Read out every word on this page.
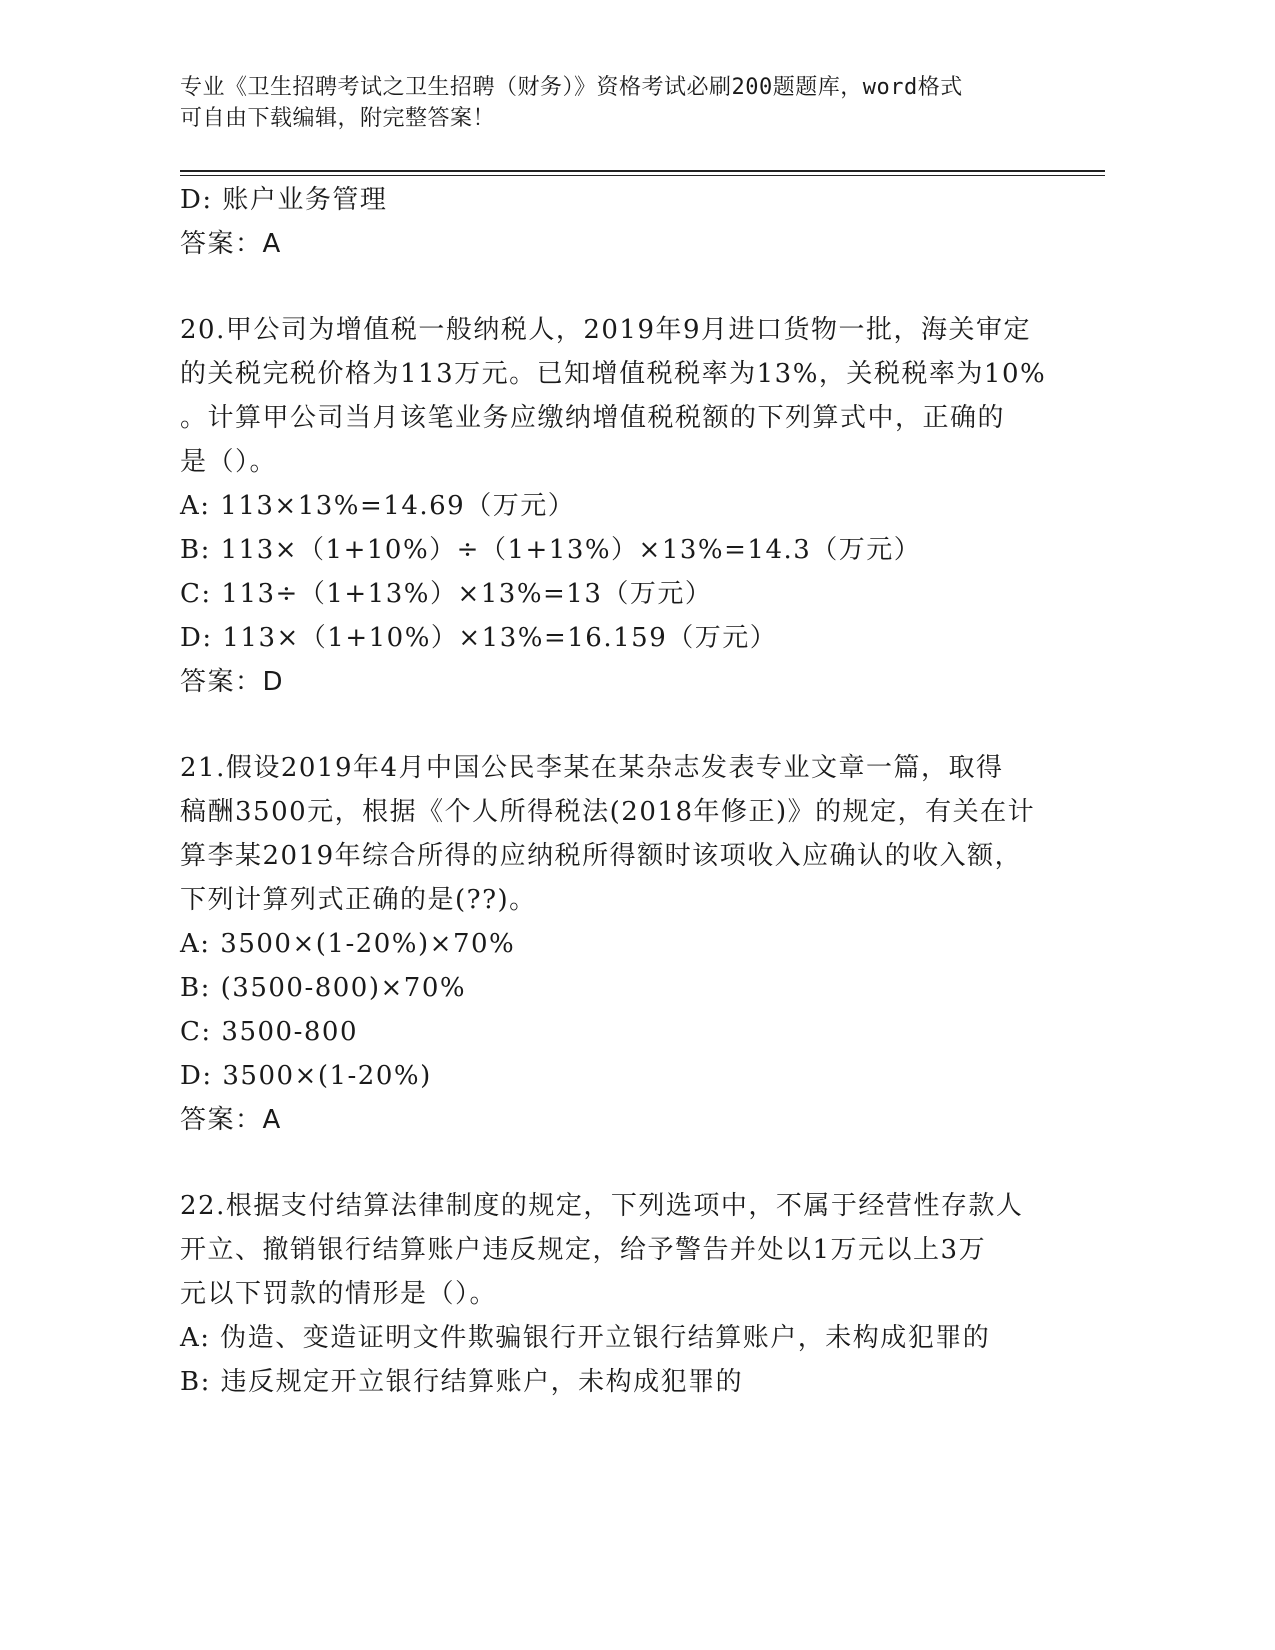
专业《卫生招聘考试之卫生招聘（财务）》资格考试必刷200题题库，word格式
可自由下载编辑，附完整答案！
D: 账户业务管理
答案：A
20.甲公司为增值税一般纳税人，2019年9月进口货物一批，海关审定
的关税完税价格为113万元。已知增值税税率为13%，关税税率为10%
。计算甲公司当月该笔业务应缴纳增值税税额的下列算式中，正确的
是（）。
A: 113×13%=14.69（万元）
B: 113×（1+10%）÷（1+13%）×13%=14.3（万元）
C: 113÷（1+13%）×13%=13（万元）
D: 113×（1+10%）×13%=16.159（万元）
答案：D
21.假设2019年4月中国公民李某在某杂志发表专业文章一篇，取得
稿酬3500元，根据《个人所得税法(2018年修正)》的规定，有关在计
算李某2019年综合所得的应纳税所得额时该项收入应确认的收入额，
下列计算列式正确的是(??)。
A: 3500×(1-20%)×70%
B: (3500-800)×70%
C: 3500-800
D: 3500×(1-20%)
答案：A
22.根据支付结算法律制度的规定，下列选项中，不属于经营性存款人
开立、撤销银行结算账户违反规定，给予警告并处以1万元以上3万
元以下罚款的情形是（）。
A: 伪造、变造证明文件欺骗银行开立银行结算账户，未构成犯罪的
B: 违反规定开立银行结算账户，未构成犯罪的
